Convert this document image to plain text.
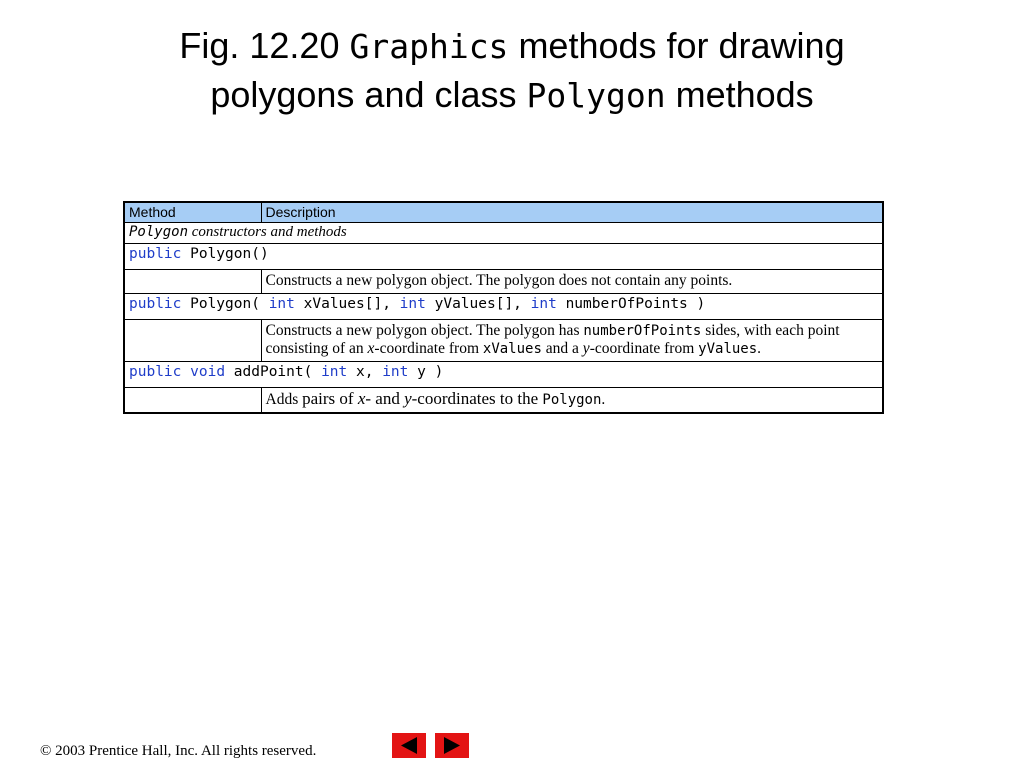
Fig. 12.20 Graphics methods for drawing
polygons and class Polygon methods
Method	Description
Polygon constructors and methods	
public Polygon()	
	Constructs a new polygon object. The polygon does not contain any points.
public Polygon( int xValues[], int yValues[], int numberOfPoints )	
	Constructs a new polygon object. The polygon has numberOfPoints sides, with each point consisting of an x-coordinate from xValues and a y-coordinate from yValues.
public void addPoint( int x, int y )	
	Adds pairs of x- and y-coordinates to the Polygon.
© 2003 Prentice Hall, Inc. All rights reserved.
